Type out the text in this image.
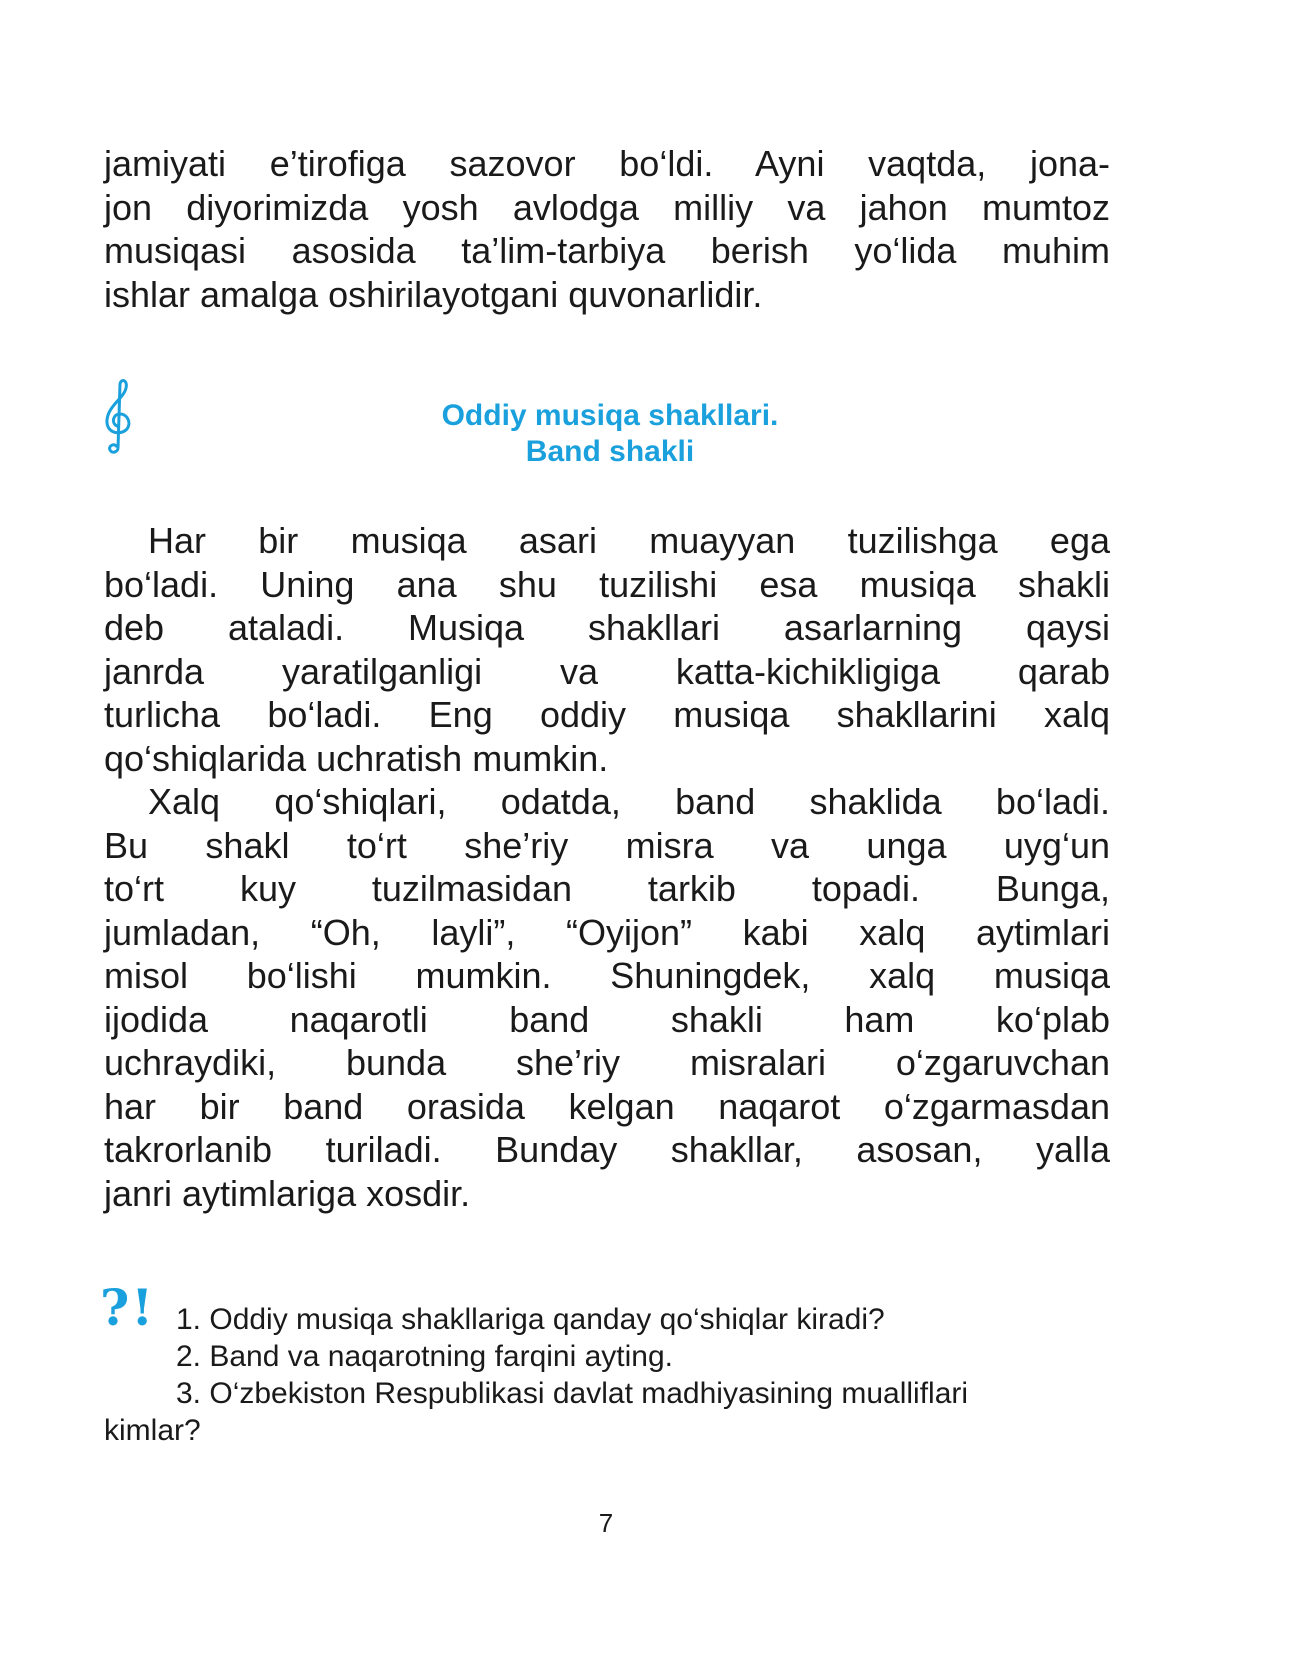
jamiyati e’tirofiga sazovor bo‘ldi. Ayni vaqtda, jona-
jon diyorimizda yosh avlodga milliy va jahon mumtoz
musiqasi asosida ta’lim-tarbiya berish yo‘lida muhim
ishlar amalga oshirilayotgani quvonarlidir.
Oddiy musiqa shakllari.
Band shakli
Har bir musiqa asari muayyan tuzilishga ega
bo‘ladi. Uning ana shu tuzilishi esa musiqa shakli
deb ataladi. Musiqa shakllari asarlarning qaysi
janrda yaratilganligi va katta-kichikligiga qarab
turlicha bo‘ladi. Eng oddiy musiqa shakllarini xalq
qo‘shiqlarida uchratish mumkin.
Xalq qo‘shiqlari, odatda, band shaklida bo‘ladi.
Bu shakl to‘rt she’riy misra va unga uyg‘un
to‘rt kuy tuzilmasidan tarkib topadi. Bunga,
jumladan, “Oh, layli”, “Oyijon” kabi xalq aytimlari
misol bo‘lishi mumkin. Shuningdek, xalq musiqa
ijodida naqarotli band shakli ham ko‘plab
uchraydiki, bunda she’riy misralari o‘zgaruvchan
har bir band orasida kelgan naqarot o‘zgarmasdan
takrorlanib turiladi. Bunday shakllar, asosan, yalla
janri aytimlariga xosdir.
?! 1. Oddiy musiqa shakllariga qanday qo‘shiqlar kiradi?
2. Band va naqarotning farqini ayting.
3. O‘zbekiston Respublikasi davlat madhiyasining mualliflari
kimlar?
7
